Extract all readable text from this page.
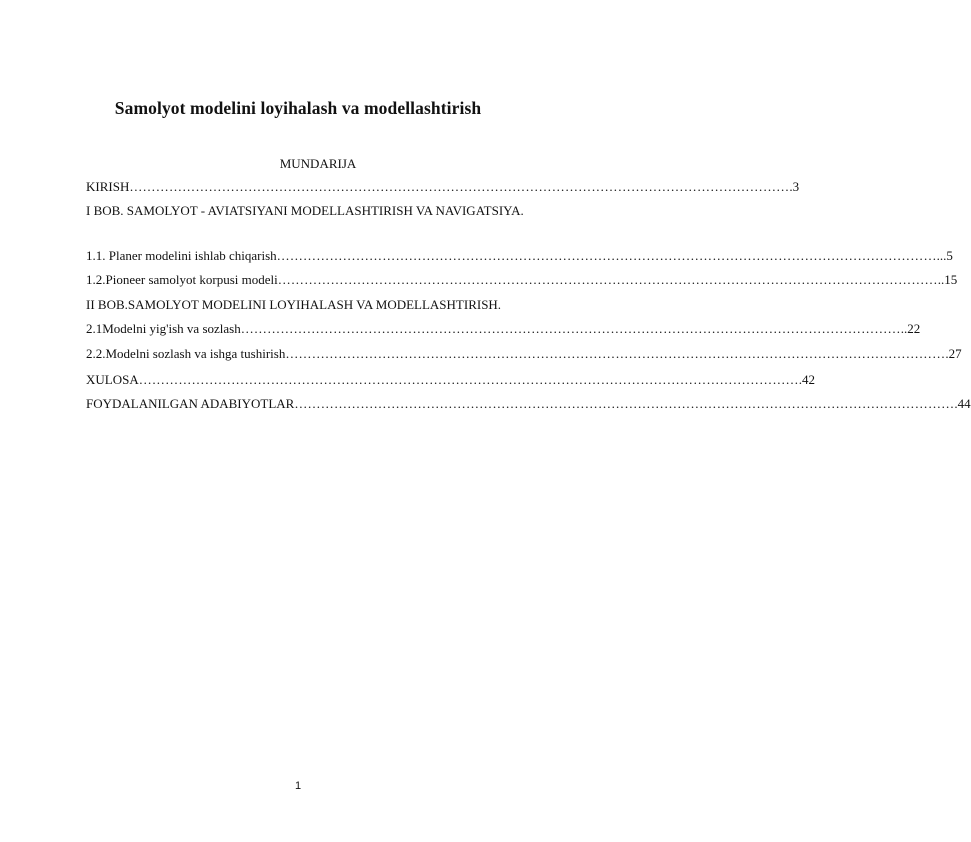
Samolyot modelini loyihalash va modellashtirish
MUNDARIJA
KIRISH …………………………………………………………………………………………………………………………………… .3
I BOB. SAMOLYOT - AVIATSIYANI MODELLASHTIRISH VA NAVIGATSIYA.
1.1. Planer modelini ishlab chiqarish …………………………………………………………………………………………………………………………………… ...5
1.2.Pioneer samolyot korpusi modeli …………………………………………………………………………………………………………………………………… ..15
II BOB.SAMOLYOT MODELINI LOYIHALASH VA MODELLASHTIRISH.
2.1Modelni yig'ish va sozlash …………………………………………………………………………………………………………………………………… ..22
2.2.Modelni sozlash va ishga tushirish …………………………………………………………………………………………………………………………………… .27
XULOSA …………………………………………………………………………………………………………………………………… .42
FOYDALANILGAN ADABIYOTLAR …………………………………………………………………………………………………………………………………… .44
1
